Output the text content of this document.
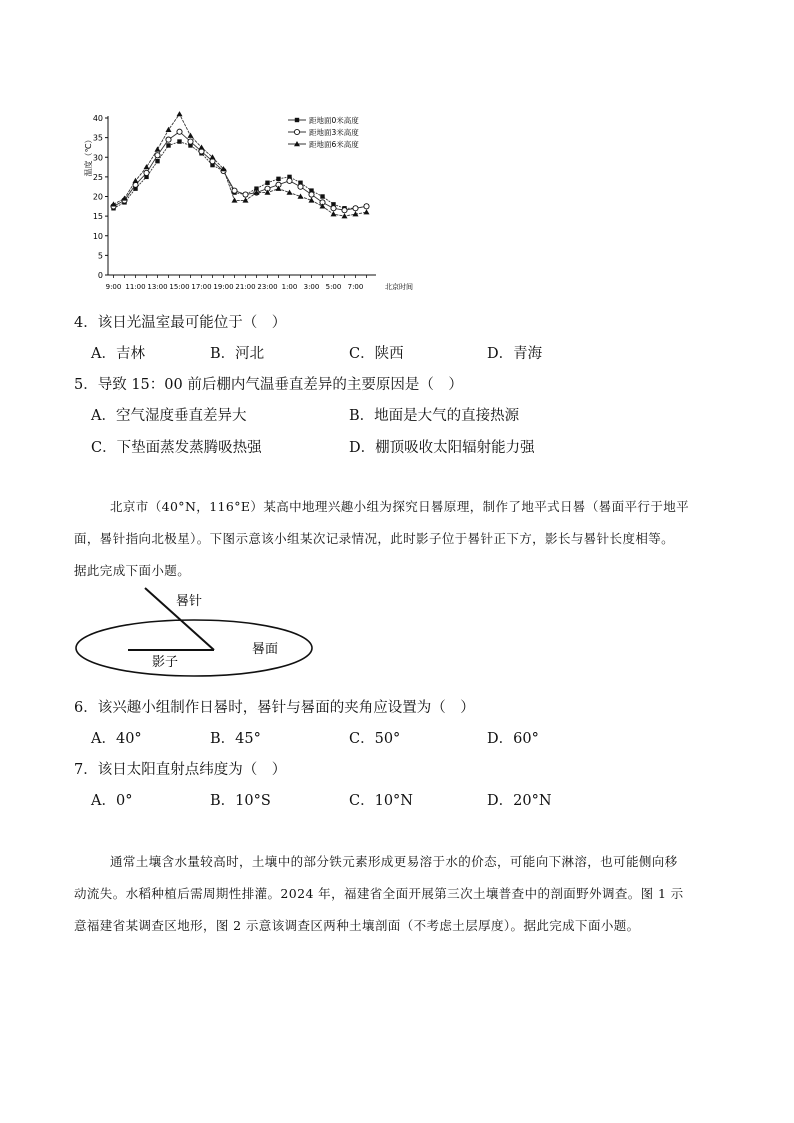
0
5
10
15
20
25
30
35
40
9:00 11:00 13:00 15:00 17:00 19:00 21:00 23:00 1:00 3:00 5:00 7:00
距地面0米高度
距地面3米高度
距地面6米高度
温度（℃）
北京时间
4．该日光温室最可能位于（　）
A．吉林	B．河北	C．陕西	D．青海
5．导致 15：00 前后棚内气温垂直差异的主要原因是（　）
A．空气湿度垂直差异大	B．地面是大气的直接热源
C．下垫面蒸发蒸腾吸热强	D．棚顶吸收太阳辐射能力强
北京市（40°N，116°E）某高中地理兴趣小组为探究日晷原理，制作了地平式日晷（晷面平行于地平
面，晷针指向北极星）。下图示意该小组某次记录情况，此时影子位于晷针正下方，影长与晷针长度相等。
据此完成下面小题。
晷针
晷面
影子
6．该兴趣小组制作日晷时，晷针与晷面的夹角应设置为（　）
A．40°	B．45°	C．50°	D．60°
7．该日太阳直射点纬度为（　）
A．0°	B．10°S	C．10°N	D．20°N
通常土壤含水量较高时，土壤中的部分铁元素形成更易溶于水的价态，可能向下淋溶，也可能侧向移
动流失。水稻种植后需周期性排灌。2024 年，福建省全面开展第三次土壤普查中的剖面野外调查。图 1 示
意福建省某调查区地形，图 2 示意该调查区两种土壤剖面（不考虑土层厚度）。据此完成下面小题。
